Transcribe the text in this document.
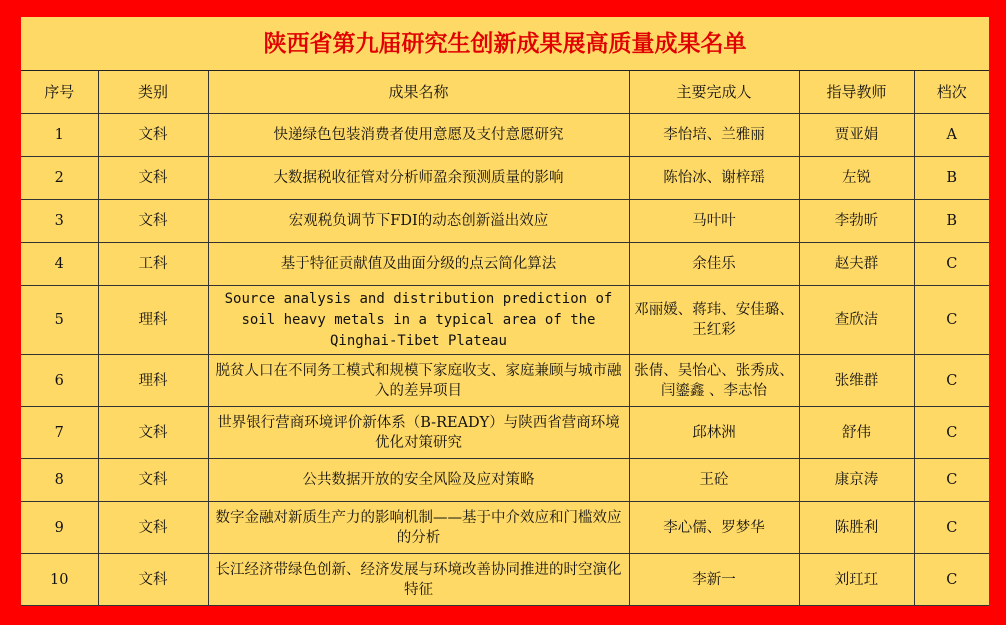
陕西省第九届研究生创新成果展高质量成果名单
序号	类别	成果名称	主要完成人	指导教师	档次
1	文科	快递绿色包装消费者使用意愿及支付意愿研究	李怡培、兰雅丽	贾亚娟	A
2	文科	大数据税收征管对分析师盈余预测质量的影响	陈怡冰、谢梓瑶	左锐	B
3	文科	宏观税负调节下FDI的动态创新溢出效应	马叶叶	李勃昕	B
4	工科	基于特征贡献值及曲面分级的点云简化算法	余佳乐	赵夫群	C
5	理科	Source analysis and distribution prediction of soil heavy metals in a typical area of the Qinghai-Tibet Plateau	邓丽媛、蒋玮、安佳璐、王红彩	查欣洁	C
6	理科	脱贫人口在不同务工模式和规模下家庭收支、家庭兼顾与城市融入的差异项目	张倩、吴怡心、张秀成、闫鎏鑫 、李志怡	张维群	C
7	文科	世界银行营商环境评价新体系（B-READY）与陕西省营商环境优化对策研究	邱林洲	舒伟	C
8	文科	公共数据开放的安全风险及应对策略	王砼	康京涛	C
9	文科	数字金融对新质生产力的影响机制——基于中介效应和门槛效应的分析	李心儒、罗梦华	陈胜利	C
10	文科	长江经济带绿色创新、经济发展与环境改善协同推进的时空演化特征	李新一	刘玒玒	C
